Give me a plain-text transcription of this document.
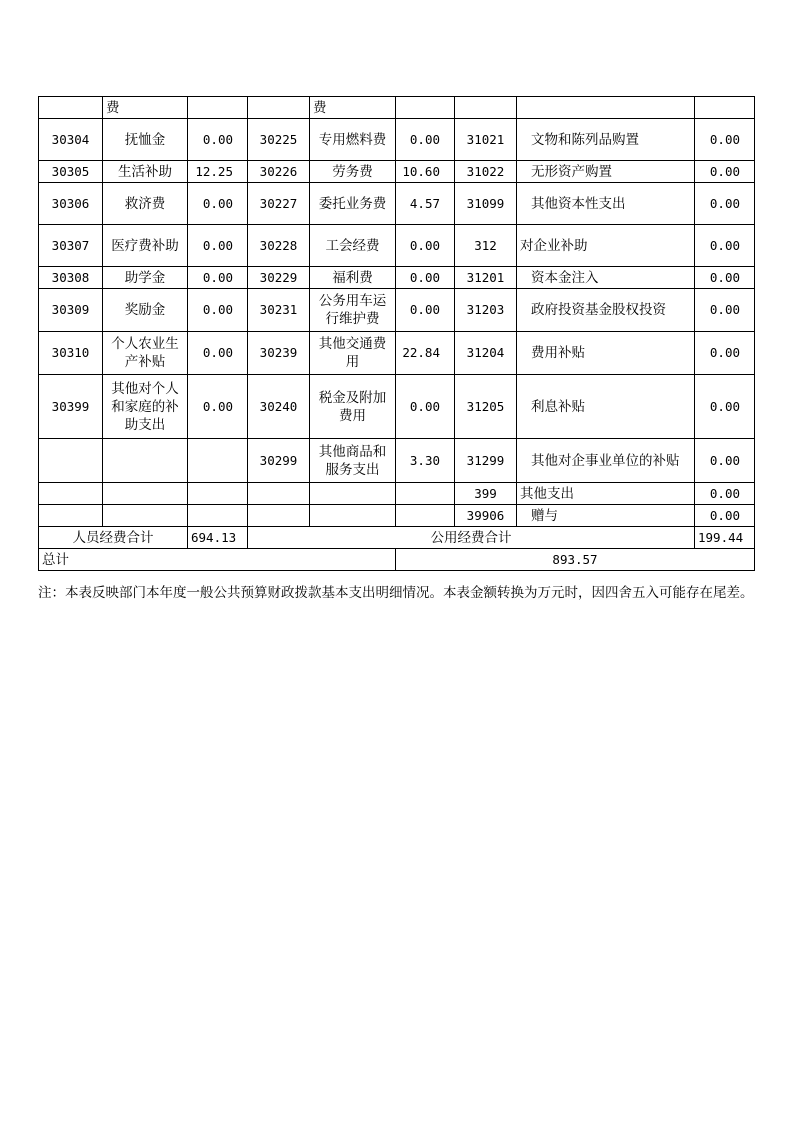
	费			费				
30304	抚恤金	0.00	30225	专用燃料费	0.00	31021	文物和陈列品购置	0.00
30305	生活补助	12.25	30226	劳务费	10.60	31022	无形资产购置	0.00
30306	救济费	0.00	30227	委托业务费	4.57	31099	其他资本性支出	0.00
30307	医疗费补助	0.00	30228	工会经费	0.00	312	对企业补助	0.00
30308	助学金	0.00	30229	福利费	0.00	31201	资本金注入	0.00
30309	奖励金	0.00	30231	公务用车运行维护费	0.00	31203	政府投资基金股权投资	0.00
30310	个人农业生产补贴	0.00	30239	其他交通费用	22.84	31204	费用补贴	0.00
30399	其他对个人和家庭的补助支出	0.00	30240	税金及附加费用	0.00	31205	利息补贴	0.00
			30299	其他商品和服务支出	3.30	31299	其他对企事业单位的补贴	0.00
						399	其他支出	0.00
						39906	赠与	0.00
人员经费合计		694.13	公用经费合计					199.44
总计					893.57			
注：本表反映部门本年度一般公共预算财政拨款基本支出明细情况。本表金额转换为万元时，因四舍五入可能存在尾差。
